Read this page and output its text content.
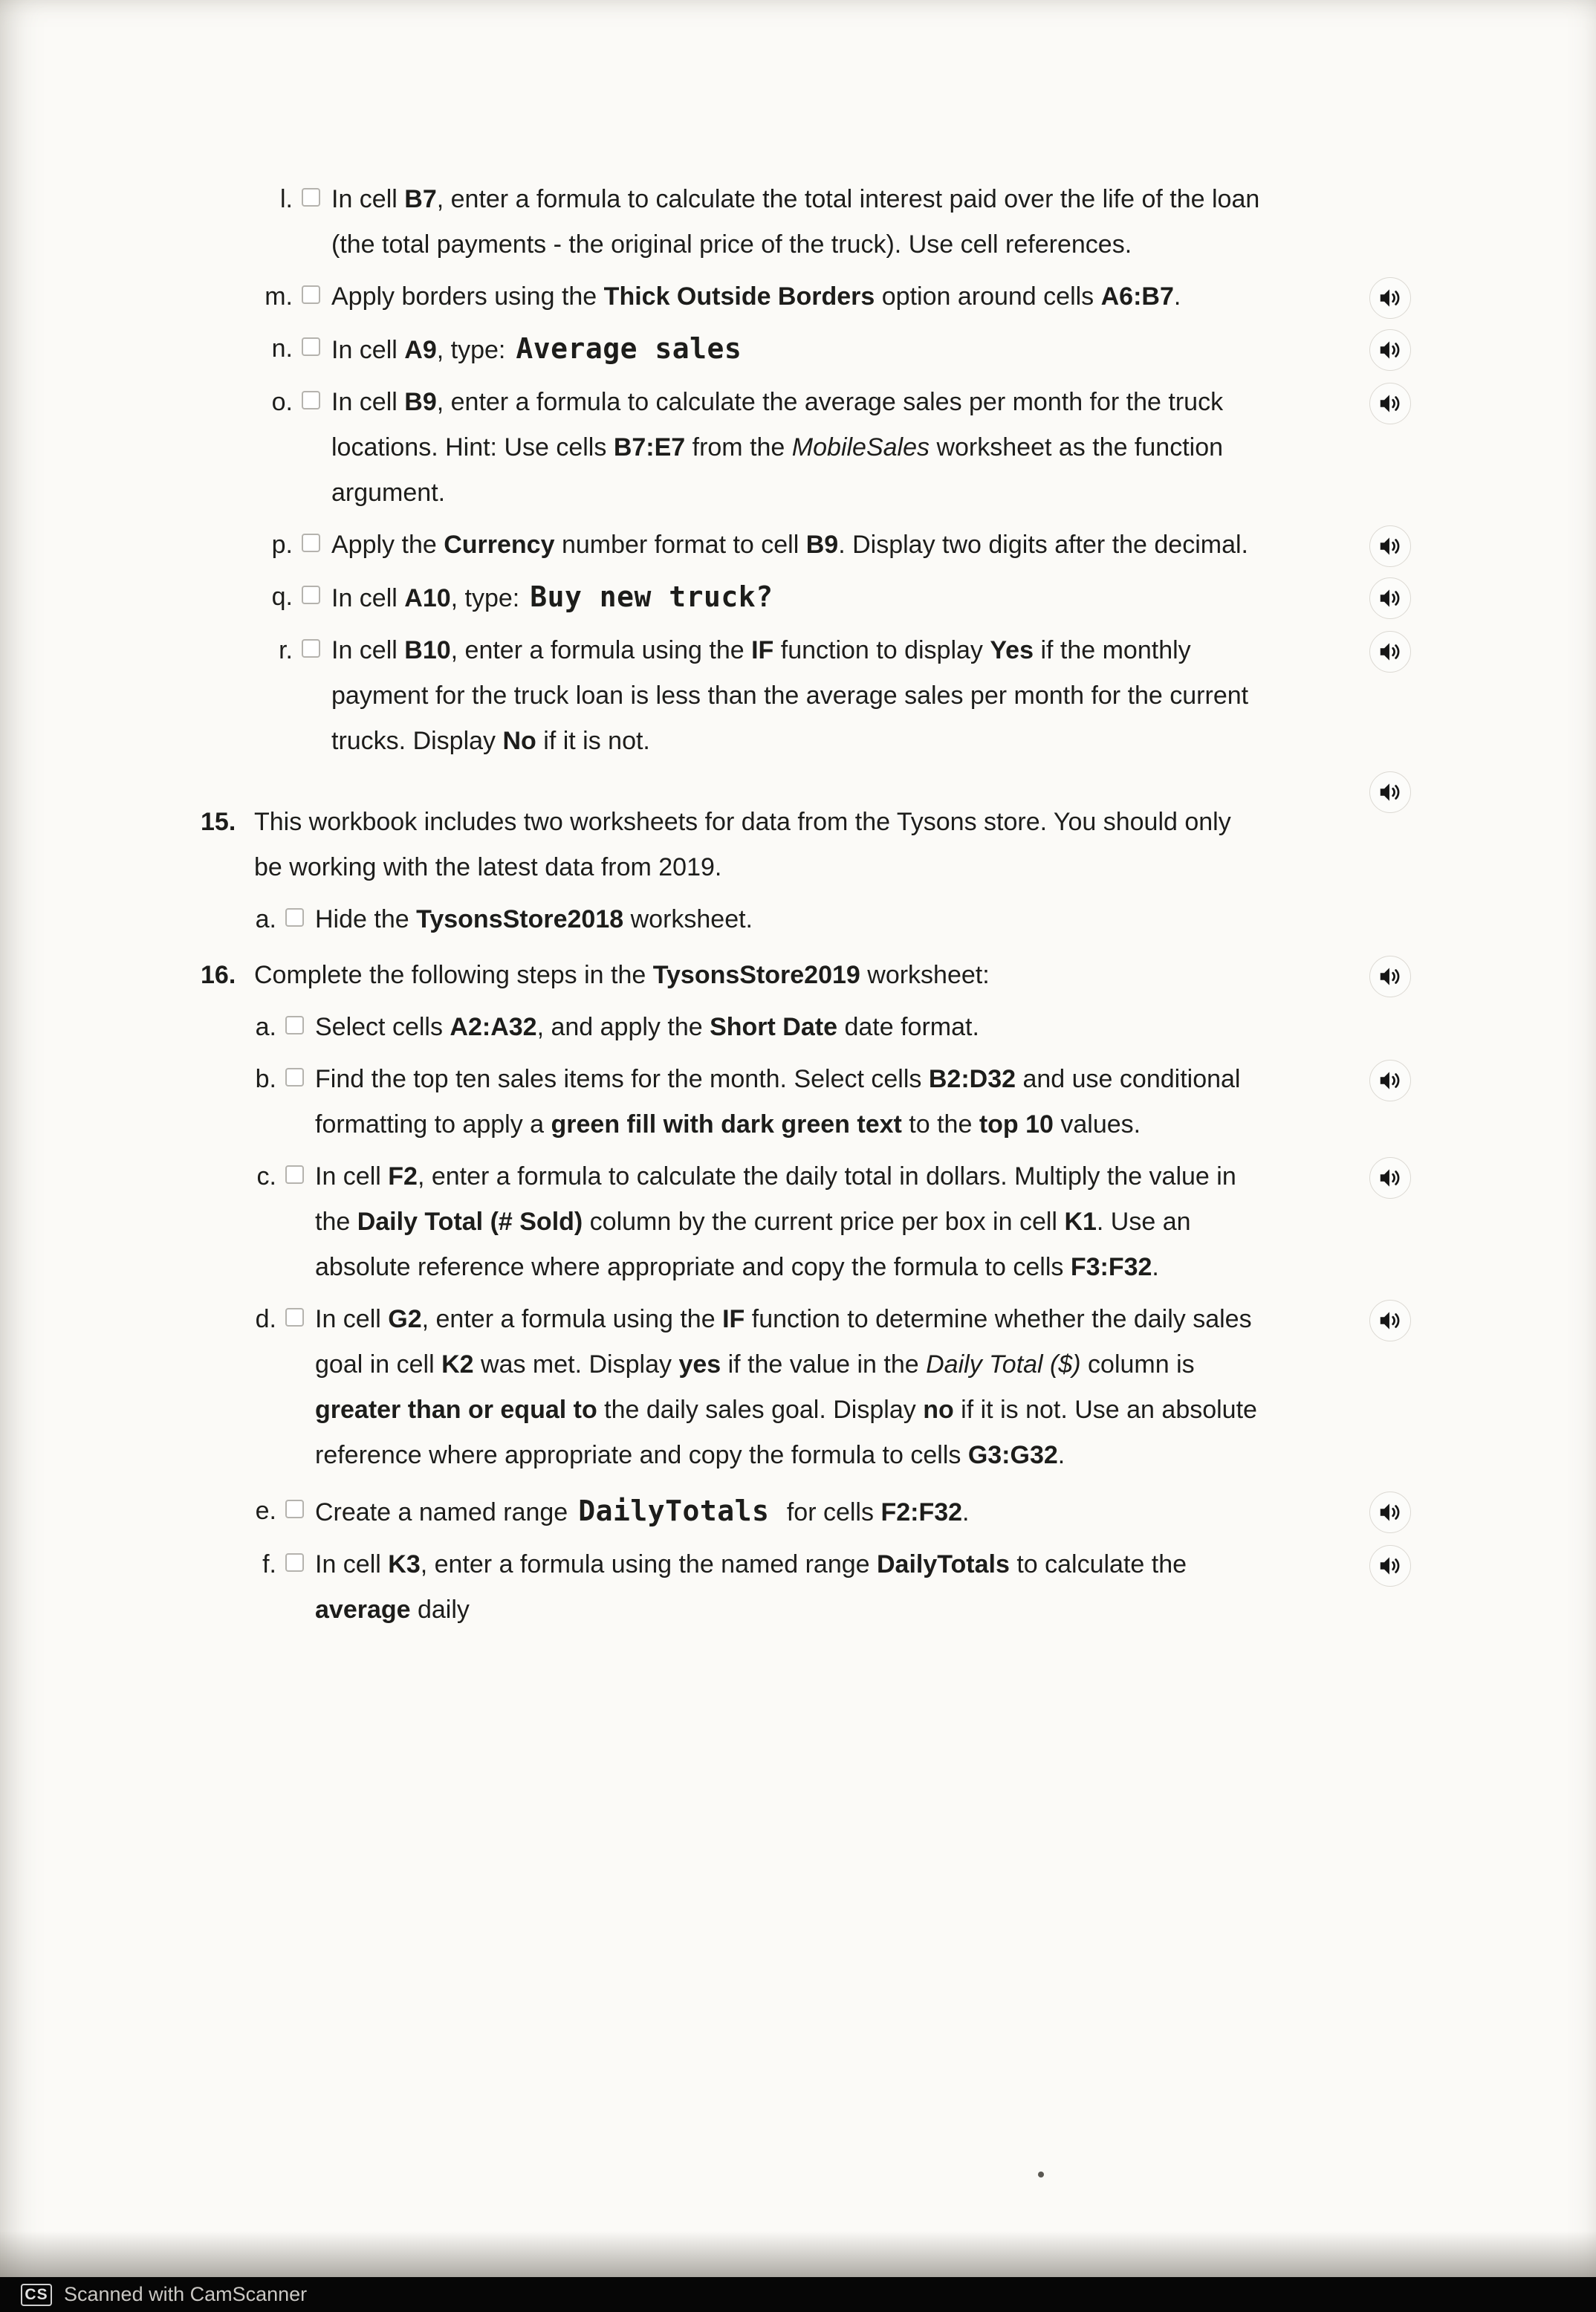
l. In cell B7, enter a formula to calculate the total interest paid over the life of the loan (the total payments - the original price of the truck). Use cell references.
m. Apply borders using the Thick Outside Borders option around cells A6:B7.
n. In cell A9, type: Average sales
o. In cell B9, enter a formula to calculate the average sales per month for the truck locations. Hint: Use cells B7:E7 from the MobileSales worksheet as the function argument.
p. Apply the Currency number format to cell B9. Display two digits after the decimal.
q. In cell A10, type: Buy new truck?
r. In cell B10, enter a formula using the IF function to display Yes if the monthly payment for the truck loan is less than the average sales per month for the current trucks. Display No if it is not.
15. This workbook includes two worksheets for data from the Tysons store. You should only be working with the latest data from 2019.
a. Hide the TysonsStore2018 worksheet.
16. Complete the following steps in the TysonsStore2019 worksheet:
a. Select cells A2:A32, and apply the Short Date date format.
b. Find the top ten sales items for the month. Select cells B2:D32 and use conditional formatting to apply a green fill with dark green text to the top 10 values.
c. In cell F2, enter a formula to calculate the daily total in dollars. Multiply the value in the Daily Total (# Sold) column by the current price per box in cell K1. Use an absolute reference where appropriate and copy the formula to cells F3:F32.
d. In cell G2, enter a formula using the IF function to determine whether the daily sales goal in cell K2 was met. Display yes if the value in the Daily Total ($) column is greater than or equal to the daily sales goal. Display no if it is not. Use an absolute reference where appropriate and copy the formula to cells G3:G32.
e. Create a named range DailyTotals for cells F2:F32.
f. In cell K3, enter a formula using the named range DailyTotals to calculate the average daily
CS Scanned with CamScanner
